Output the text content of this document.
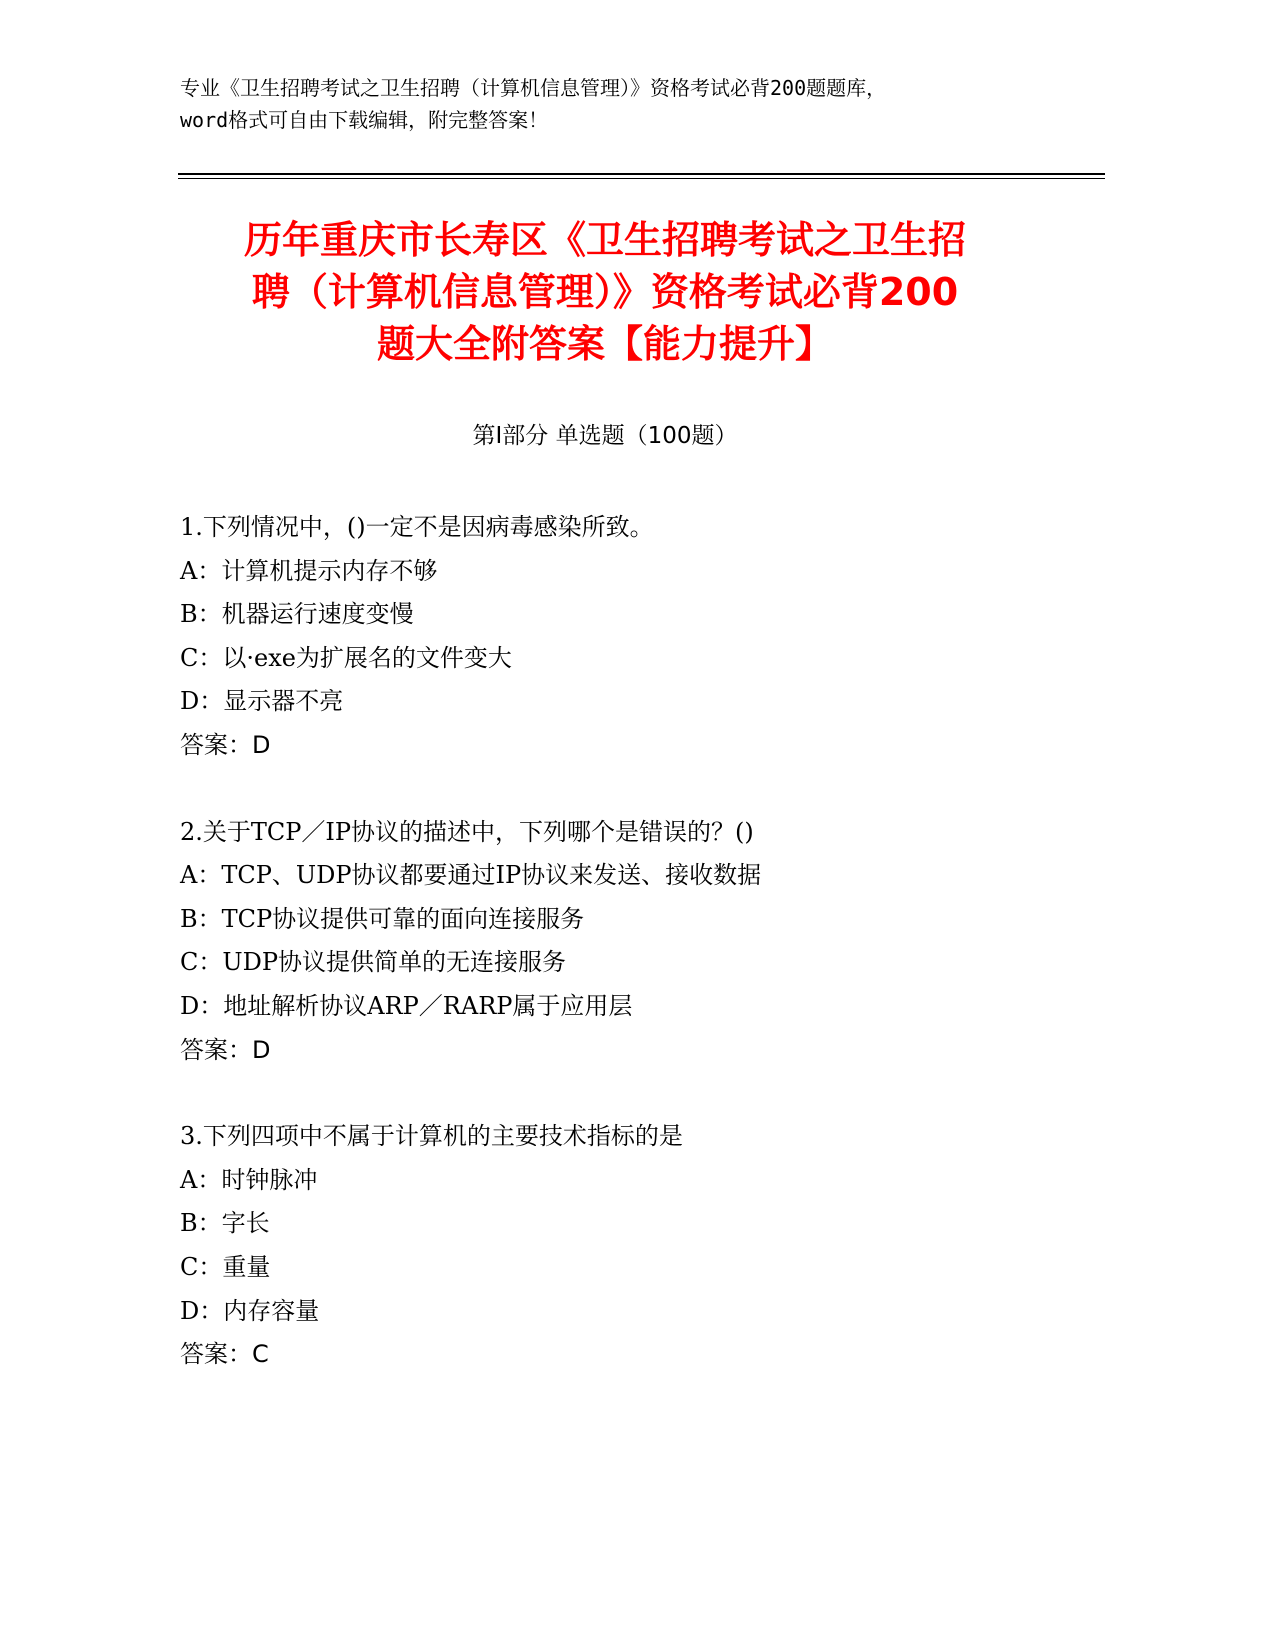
专业《卫生招聘考试之卫生招聘（计算机信息管理）》资格考试必背200题题库，
word格式可自由下载编辑，附完整答案！
历年重庆市长寿区《卫生招聘考试之卫生招
聘（计算机信息管理）》资格考试必背200
题大全附答案【能力提升】
第Ⅰ部分 单选题（100题）
1.下列情况中，()一定不是因病毒感染所致。
A：计算机提示内存不够
B：机器运行速度变慢
C：以·exe为扩展名的文件变大
D：显示器不亮
答案：D
2.关于TCP／IP协议的描述中，下列哪个是错误的？()
A：TCP、UDP协议都要通过IP协议来发送、接收数据
B：TCP协议提供可靠的面向连接服务
C：UDP协议提供简单的无连接服务
D：地址解析协议ARP／RARP属于应用层
答案：D
3.下列四项中不属于计算机的主要技术指标的是
A：时钟脉冲
B：字长
C：重量
D：内存容量
答案：C
